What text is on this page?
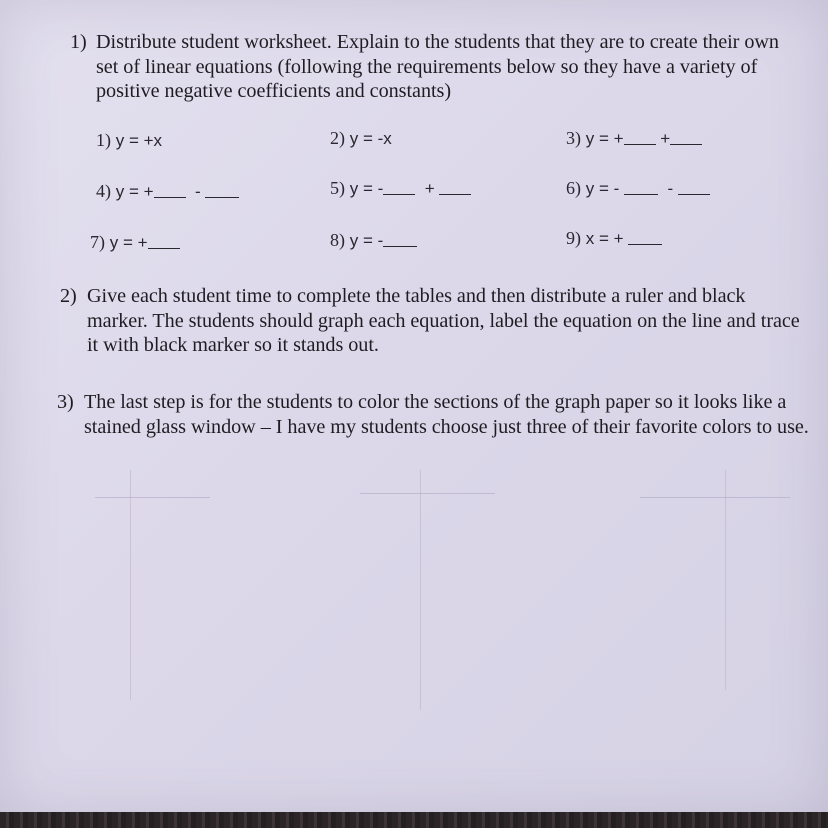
1) Distribute student worksheet. Explain to the students that they are to create their own set of linear equations (following the requirements below so they have a variety of positive negative coefficients and constants)
1) y = +x	2) y = -x	3) y = + +
4) y = + -	5) y = - +	6) y = -	-
7) y = +	8) y = -	9) x = +
2) Give each student time to complete the tables and then distribute a ruler and black marker. The students should graph each equation, label the equation on the line and trace it with black marker so it stands out.
3) The last step is for the students to color the sections of the graph paper so it looks like a stained glass window – I have my students choose just three of their favorite colors to use.
